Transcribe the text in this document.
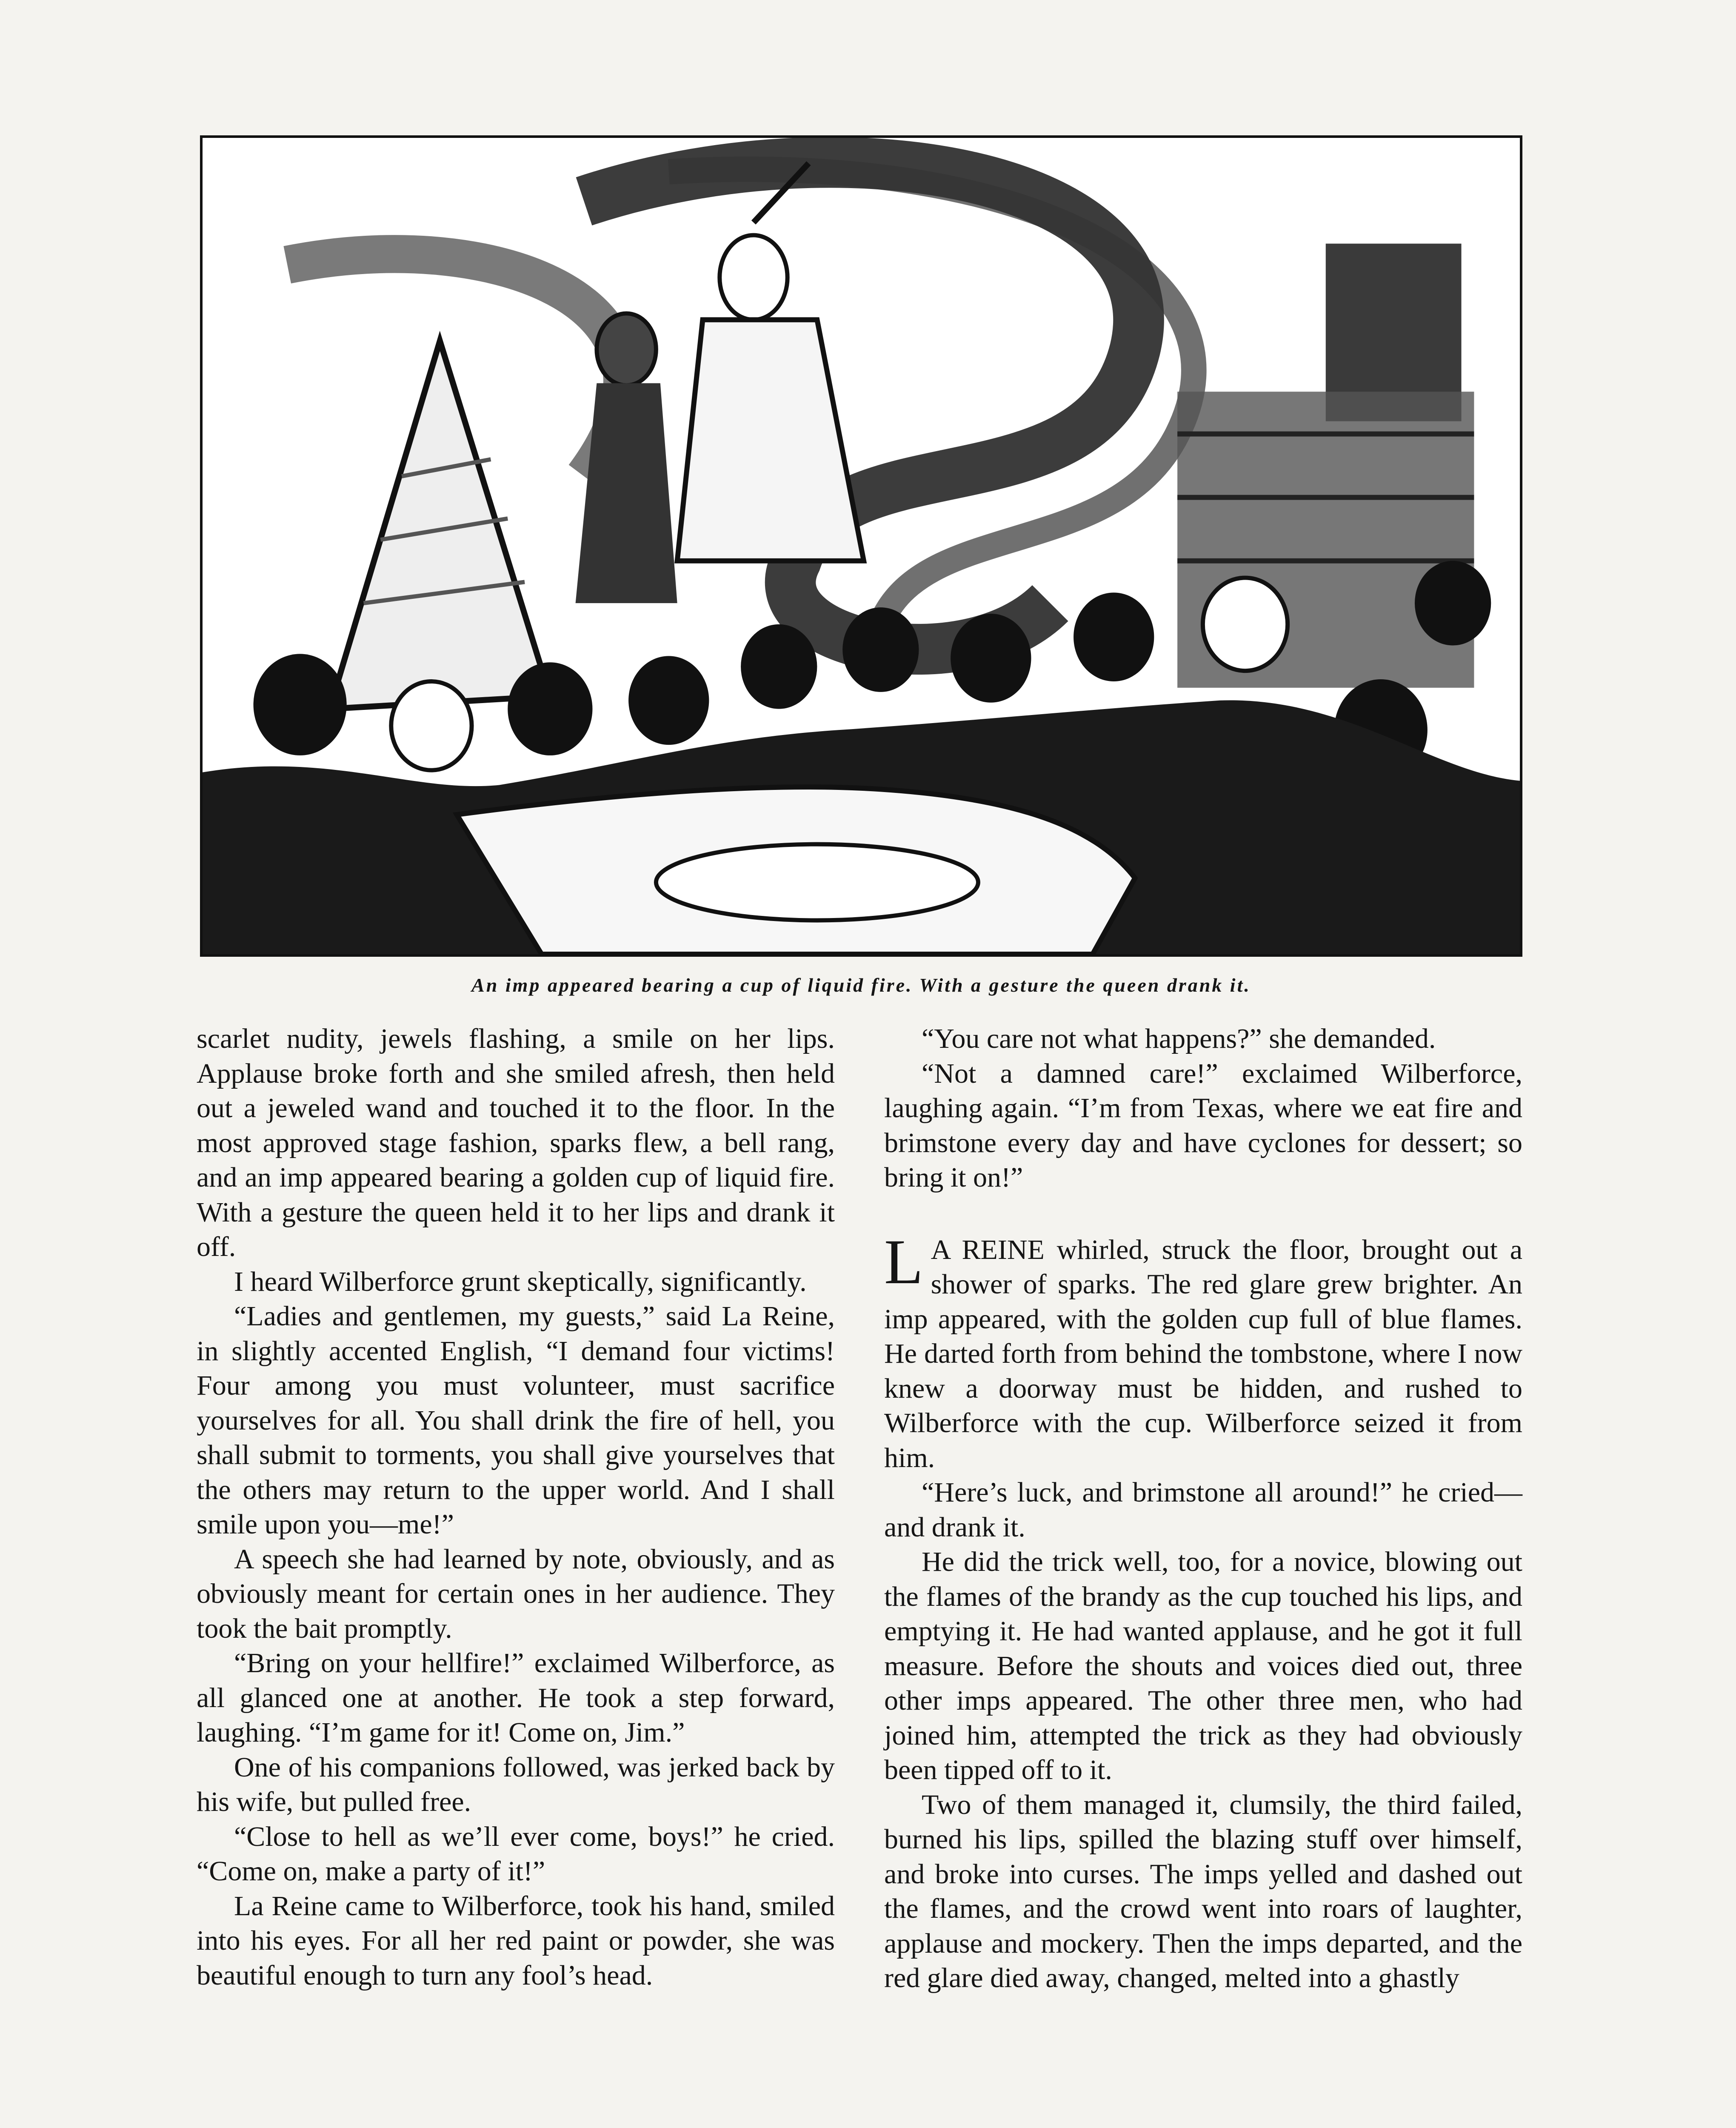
An imp appeared bearing a cup of liquid fire. With a gesture the queen drank it.

scarlet nudity, jewels flashing, a smile on her lips. Applause broke forth and she smiled afresh, then held out a jeweled wand and touched it to the floor. In the most approved stage fashion, sparks flew, a bell rang, and an imp appeared bearing a golden cup of liquid fire. With a gesture the queen held it to her lips and drank it off.

I heard Wilberforce grunt skeptically, significantly.

“Ladies and gentlemen, my guests,” said La Reine, in slightly accented English, “I demand four victims! Four among you must volunteer, must sacrifice yourselves for all. You shall drink the fire of hell, you shall submit to torments, you shall give yourselves that the others may return to the upper world. And I shall smile upon you—me!”

A speech she had learned by note, obviously, and as obviously meant for certain ones in her audience. They took the bait promptly.

“Bring on your hellfire!” exclaimed Wilberforce, as all glanced one at another. He took a step forward, laughing. “I’m game for it! Come on, Jim.”

One of his companions followed, was jerked back by his wife, but pulled free.

“Close to hell as we’ll ever come, boys!” he cried. “Come on, make a party of it!”

La Reine came to Wilberforce, took his hand, smiled into his eyes. For all her red paint or powder, she was beautiful enough to turn any fool’s head.

“You care not what happens?” she demanded.

“Not a damned care!” exclaimed Wilberforce, laughing again. “I’m from Texas, where we eat fire and brimstone every day and have cyclones for dessert; so bring it on!”

L A REINE whirled, struck the floor, brought out a shower of sparks. The red glare grew brighter. An imp appeared, with the golden cup full of blue flames. He darted forth from behind the tombstone, where I now knew a doorway must be hidden, and rushed to Wilberforce with the cup. Wilberforce seized it from him.

“Here’s luck, and brimstone all around!” he cried—and drank it.

He did the trick well, too, for a novice, blowing out the flames of the brandy as the cup touched his lips, and emptying it. He had wanted applause, and he got it full measure. Before the shouts and voices died out, three other imps appeared. The other three men, who had joined him, attempted the trick as they had obviously been tipped off to it.

Two of them managed it, clumsily, the third failed, burned his lips, spilled the blazing stuff over himself, and broke into curses. The imps yelled and dashed out the flames, and the crowd went into roars of laughter, applause and mockery. Then the imps departed, and the red glare died away, changed, melted into a ghastly
